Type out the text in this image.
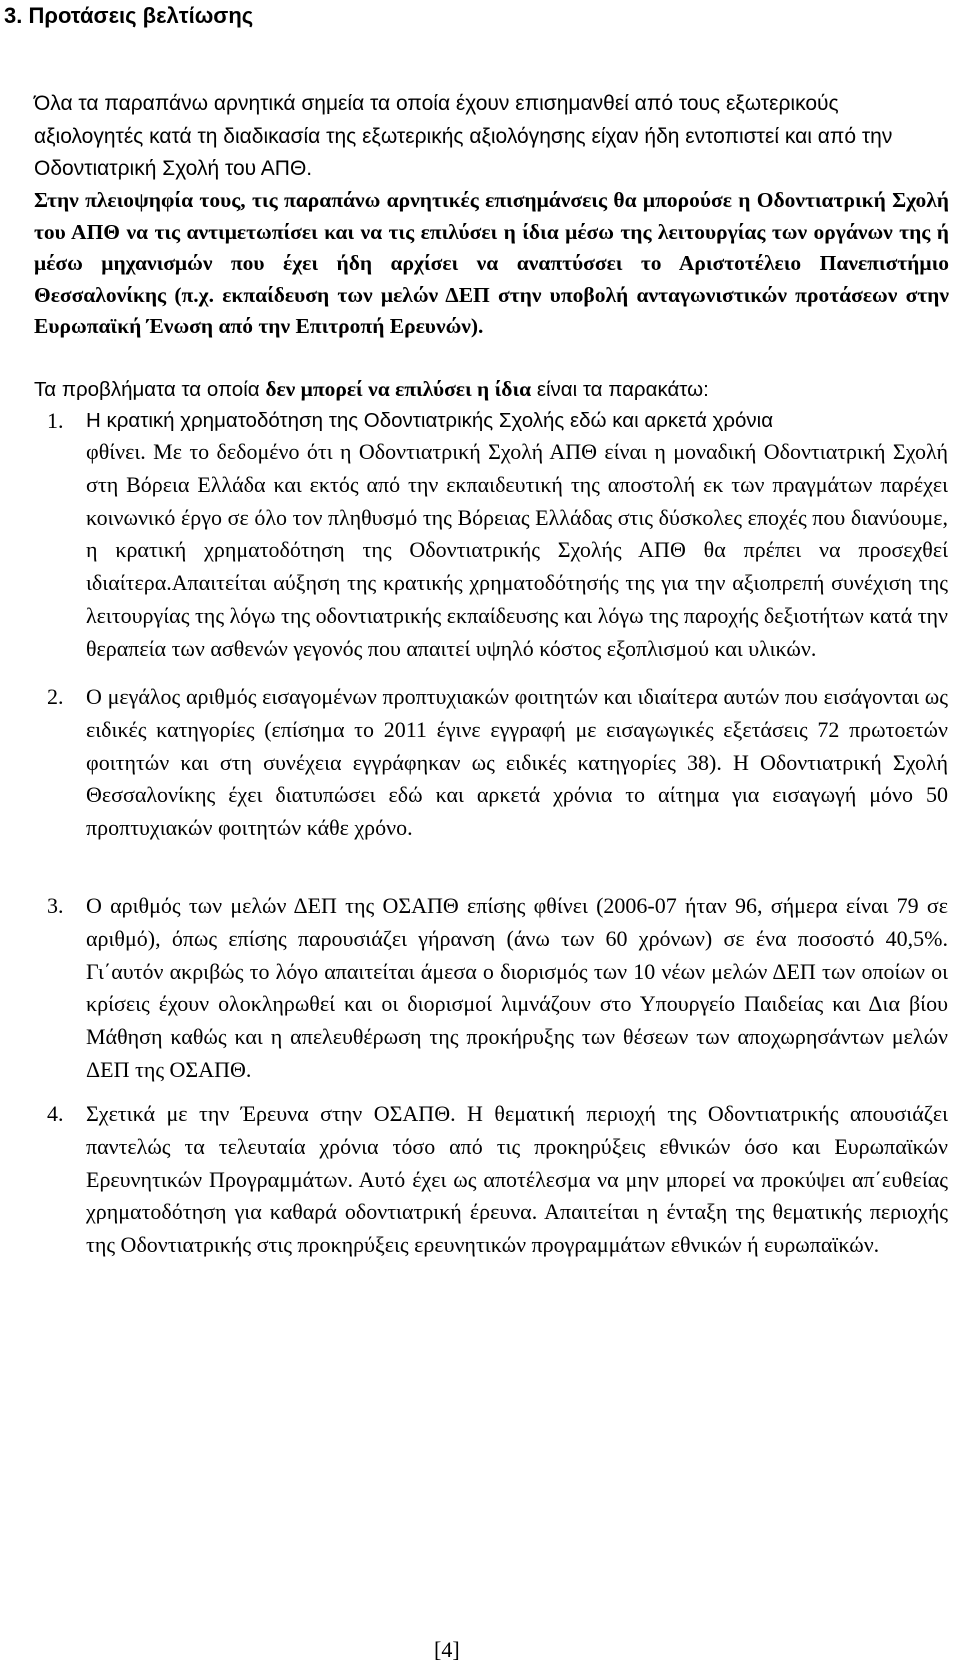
3. Προτάσεις βελτίωσης
Όλα τα παραπάνω αρνητικά σημεία τα οποία έχουν επισημανθεί από τους εξωτερικούς αξιολογητές κατά τη διαδικασία της εξωτερικής αξιολόγησης είχαν ήδη εντοπιστεί και από την Οδοντιατρική Σχολή του ΑΠΘ.
Στην πλειοψηφία τους, τις παραπάνω αρνητικές επισημάνσεις θα μπορούσε η Οδοντιατρική Σχολή του ΑΠΘ να τις αντιμετωπίσει και να τις επιλύσει η ίδια μέσω της λειτουργίας των οργάνων της ή μέσω μηχανισμών που έχει ήδη αρχίσει να αναπτύσσει το Αριστοτέλειο Πανεπιστήμιο Θεσσαλονίκης (π.χ. εκπαίδευση των μελών ΔΕΠ στην υποβολή ανταγωνιστικών προτάσεων στην Ευρωπαϊκή Ένωση από την Επιτροπή Ερευνών).
Τα προβλήματα τα οποία δεν μπορεί να επιλύσει η ίδια είναι τα παρακάτω:
1. Η κρατική χρηματοδότηση της Οδοντιατρικής Σχολής εδώ και αρκετά χρόνια
φθίνει. Με το δεδομένο ότι η Οδοντιατρική Σχολή ΑΠΘ είναι η μοναδική Οδοντιατρική Σχολή στη Βόρεια Ελλάδα και εκτός από την εκπαιδευτική της αποστολή εκ των πραγμάτων παρέχει κοινωνικό έργο σε όλο τον πληθυσμό της Βόρειας Ελλάδας στις δύσκολες εποχές που διανύουμε, η κρατική χρηματοδότηση της Οδοντιατρικής Σχολής ΑΠΘ θα πρέπει να προσεχθεί ιδιαίτερα.Απαιτείται αύξηση της κρατικής χρηματοδότησής της για την αξιοπρεπή συνέχιση της λειτουργίας της λόγω της οδοντιατρικής εκπαίδευσης και λόγω της παροχής δεξιοτήτων κατά την θεραπεία των ασθενών γεγονός που απαιτεί υψηλό κόστος εξοπλισμού και υλικών.
2. Ο μεγάλος αριθμός εισαγομένων προπτυχιακών φοιτητών και ιδιαίτερα αυτών που εισάγονται ως ειδικές κατηγορίες (επίσημα το 2011 έγινε εγγραφή με εισαγωγικές εξετάσεις 72 πρωτοετών φοιτητών και στη συνέχεια εγγράφηκαν ως ειδικές κατηγορίες 38). Η Οδοντιατρική Σχολή Θεσσαλονίκης έχει διατυπώσει εδώ και αρκετά χρόνια το αίτημα για εισαγωγή μόνο 50 προπτυχιακών φοιτητών κάθε χρόνο.
3. Ο αριθμός των μελών ΔΕΠ της ΟΣΑΠΘ επίσης φθίνει (2006-07 ήταν 96, σήμερα είναι 79 σε αριθμό), όπως επίσης παρουσιάζει γήρανση (άνω των 60 χρόνων) σε ένα ποσοστό 40,5%. Γι΄αυτόν ακριβώς το λόγο απαιτείται άμεσα ο διορισμός των 10 νέων μελών ΔΕΠ των οποίων οι κρίσεις έχουν ολοκληρωθεί και οι διορισμοί λιμνάζουν στο Υπουργείο Παιδείας και Δια βίου Μάθηση καθώς και η απελευθέρωση της προκήρυξης των θέσεων των αποχωρησάντων μελών ΔΕΠ της ΟΣΑΠΘ.
4. Σχετικά με την Έρευνα στην ΟΣΑΠΘ. Η θεματική περιοχή της Οδοντιατρικής απουσιάζει παντελώς τα τελευταία χρόνια τόσο από τις προκηρύξεις εθνικών όσο και Ευρωπαϊκών Ερευνητικών Προγραμμάτων. Αυτό έχει ως αποτέλεσμα να μην μπορεί να προκύψει απ΄ευθείας χρηματοδότηση για καθαρά οδοντιατρική έρευνα. Απαιτείται η ένταξη της θεματικής περιοχής της Οδοντιατρικής στις προκηρύξεις ερευνητικών προγραμμάτων εθνικών ή ευρωπαϊκών.
[4]
